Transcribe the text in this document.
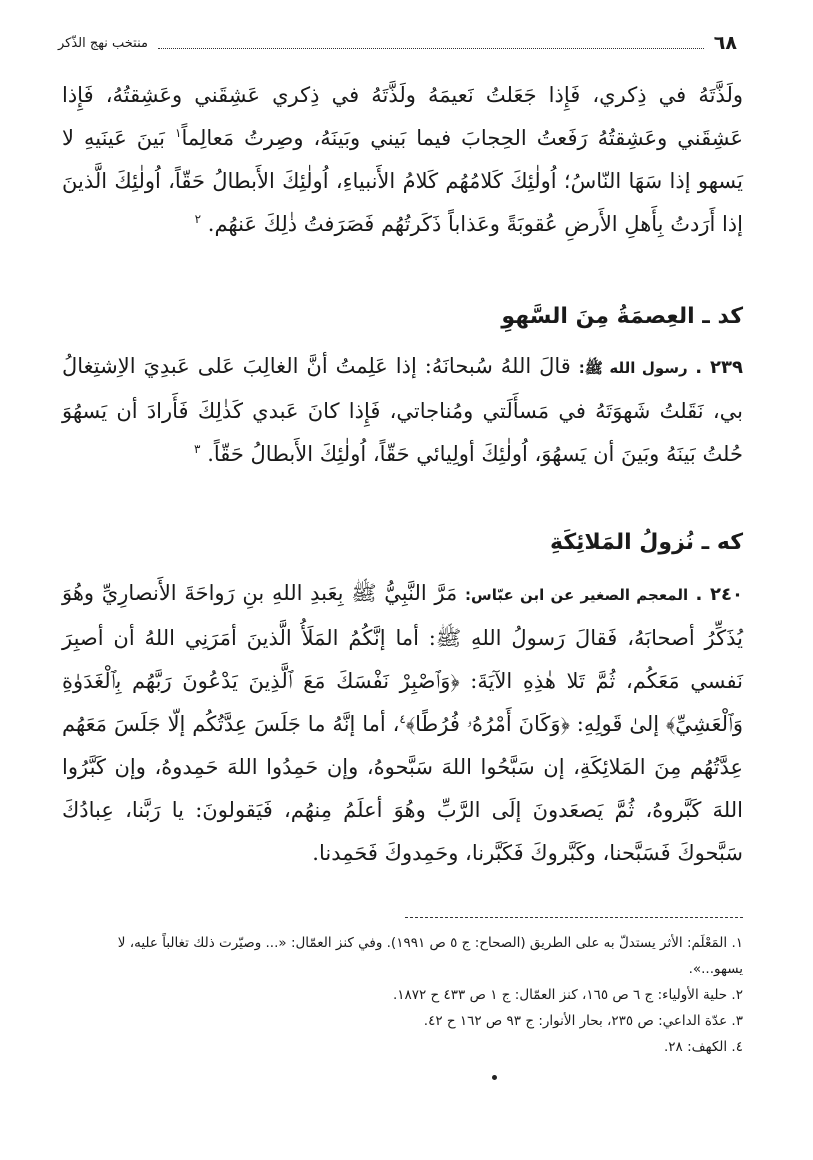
٦٨
منتخب نهج الذّكر
ولَذَّتَهُ في ذِكري، فَإِذا جَعَلتُ نَعيمَهُ ولَذَّتَهُ في ذِكري عَشِقَني وعَشِقتُهُ، فَإِذا عَشِقَني وعَشِقتُهُ رَفَعتُ الحِجابَ فيما بَيني وبَينَهُ، وصِرتُ مَعالِماً$^١$ بَينَ عَينَيهِ لا يَسهو إذا سَهَا النّاسُ؛ اُولٰئِكَ كَلامُهُم كَلامُ الأَنبياءِ، اُولٰئِكَ الأَبطالُ حَقّاً، اُولٰئِكَ الَّذينَ إذا أَرَدتُ بِأَهلِ الأَرضِ عُقوبَةً وعَذاباً ذَكَرتُهُم فَصَرَفتُ ذٰلِكَ عَنهُم. $^٢$
كد ـ العِصمَةُ مِنَ السَّهوِ
٢٣٩ . رسول الله ﷺ: قالَ اللهُ سُبحانَهُ: إذا عَلِمتُ أنَّ الغالِبَ عَلى عَبدِيَ الاِشتِغالُ بي، نَقَلتُ شَهوَتَهُ في مَسأَلَتي ومُناجاتي، فَإِذا كانَ عَبدي كَذٰلِكَ فَأَرادَ أن يَسهُوَ حُلتُ بَينَهُ وبَينَ أن يَسهُوَ، اُولٰئِكَ أولِيائي حَقّاً، اُولٰئِكَ الأَبطالُ حَقّاً. $^٣$
كه ـ نُزولُ المَلائِكَةِ
٢٤٠ . المعجم الصغير عن ابن عبّاس: مَرَّ النَّبِيُّ ﷺ بِعَبدِ اللهِ بنِ رَواحَةَ الأَنصارِيِّ وهُوَ يُذَكِّرُ أصحابَهُ، فَقالَ رَسولُ اللهِ ﷺ: أما إنَّكُمُ المَلَأُ الَّذينَ أمَرَنِي اللهُ أن أصبِرَ نَفسي مَعَكُم، ثُمَّ تَلا هٰذِهِ الآيَةَ: ﴿وَٱصْبِرْ نَفْسَكَ مَعَ ٱلَّذِينَ يَدْعُونَ رَبَّهُم بِٱلْغَدَوٰةِ وَٱلْعَشِيِّ﴾ إلىٰ قَولِهِ: ﴿وَكَانَ أَمْرُهُۥ فُرُطًا﴾$^٤$، أما إنَّهُ ما جَلَسَ عِدَّتُكُم إلّا جَلَسَ مَعَهُم عِدَّتُهُم مِنَ المَلائِكَةِ، إن سَبَّحُوا اللهَ سَبَّحوهُ، وإن حَمِدُوا اللهَ حَمِدوهُ، وإن كَبَّرُوا اللهَ كَبَّروهُ، ثُمَّ يَصعَدونَ إلَى الرَّبِّ وهُوَ أعلَمُ مِنهُم، فَيَقولونَ: يا رَبَّنا، عِبادُكَ سَبَّحوكَ فَسَبَّحنا، وكَبَّروكَ فَكَبَّرنا، وحَمِدوكَ فَحَمِدنا.

١. المَعْلَم: الأثر يستدلّ به على الطريق (الصحاح: ج ٥ ص ١٩٩١). وفي كنز العمّال: «... وصيّرت ذلك تغالباً عليه، لا يسهو...».

٢. حلية الأولياء: ج ٦ ص ١٦٥، كنز العمّال: ج ١ ص ٤٣٣ ح ١٨٧٢.

٣. عدّة الداعي: ص ٢٣٥، بحار الأنوار: ج ٩٣ ص ١٦٢ ح ٤٢.

٤. الكهف: ٢٨.
